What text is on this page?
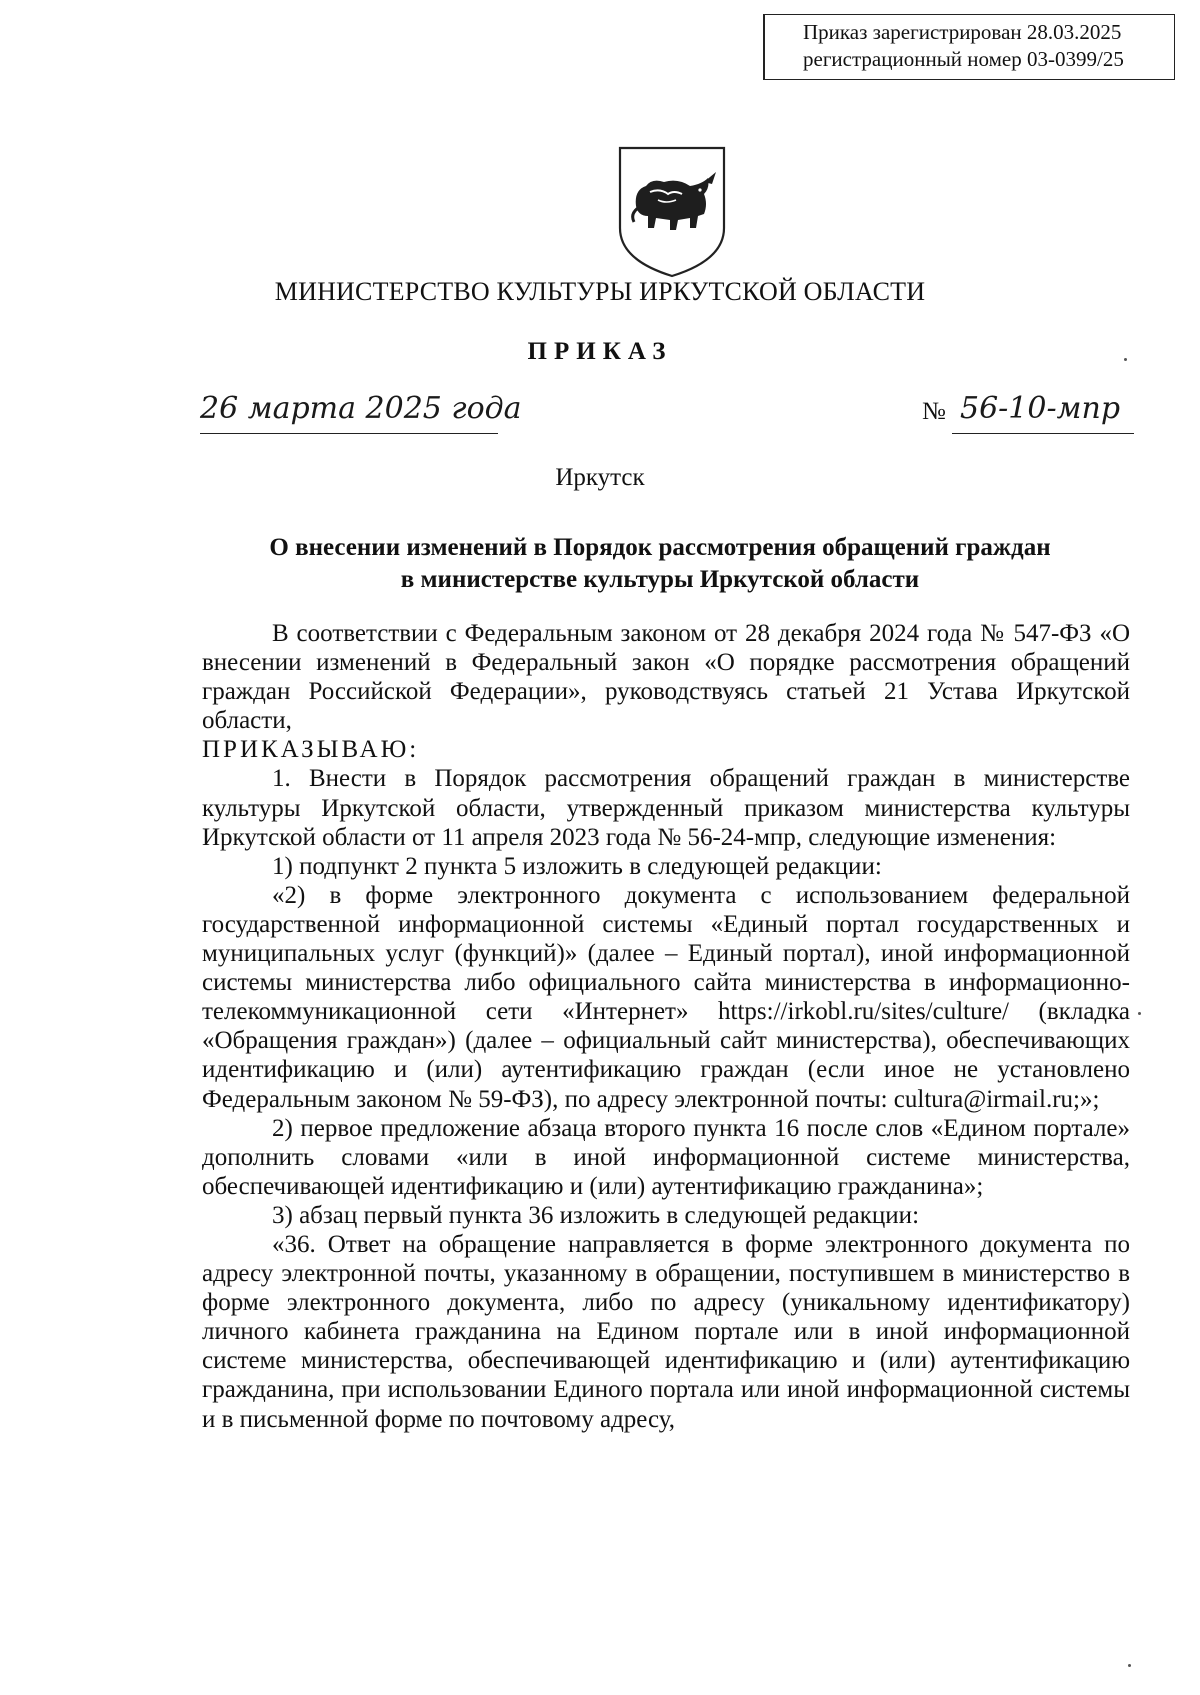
Приказ зарегистрирован 28.03.2025
регистрационный номер 03-0399/25
МИНИСТЕРСТВО КУЛЬТУРЫ ИРКУТСКОЙ ОБЛАСТИ
ПРИКАЗ
26 марта 2025 года	№ 56-10-мпр
Иркутск
О внесении изменений в Порядок рассмотрения обращений граждан
в министерстве культуры Иркутской области

В соответствии с Федеральным законом от 28 декабря 2024 года № 547-ФЗ «О внесении изменений в Федеральный закон «О порядке рассмотрения обращений граждан Российской Федерации», руководствуясь статьей 21 Устава Иркутской области,

ПРИКАЗЫВАЮ:

1. Внести в Порядок рассмотрения обращений граждан в министерстве культуры Иркутской области, утвержденный приказом министерства культуры Иркутской области от 11 апреля 2023 года № 56-24-мпр, следующие изменения:

1) подпункт 2 пункта 5 изложить в следующей редакции:

«2) в форме электронного документа с использованием федеральной государственной информационной системы «Единый портал государственных и муниципальных услуг (функций)» (далее – Единый портал), иной информационной системы министерства либо официального сайта министерства в информационно-телекоммуникационной сети «Интернет» https://irkobl.ru/sites/culture/ (вкладка «Обращения граждан») (далее – официальный сайт министерства), обеспечивающих идентификацию и (или) аутентификацию граждан (если иное не установлено Федеральным законом № 59-ФЗ), по адресу электронной почты: cultura@irmail.ru;»;

2) первое предложение абзаца второго пункта 16 после слов «Едином портале» дополнить словами «или в иной информационной системе министерства, обеспечивающей идентификацию и (или) аутентификацию гражданина»;

3) абзац первый пункта 36 изложить в следующей редакции:

«36. Ответ на обращение направляется в форме электронного документа по адресу электронной почты, указанному в обращении, поступившем в министерство в форме электронного документа, либо по адресу (уникальному идентификатору) личного кабинета гражданина на Едином портале или в иной информационной системе министерства, обеспечивающей идентификацию и (или) аутентификацию гражданина, при использовании Единого портала или иной информационной системы и в письменной форме по почтовому адресу,
